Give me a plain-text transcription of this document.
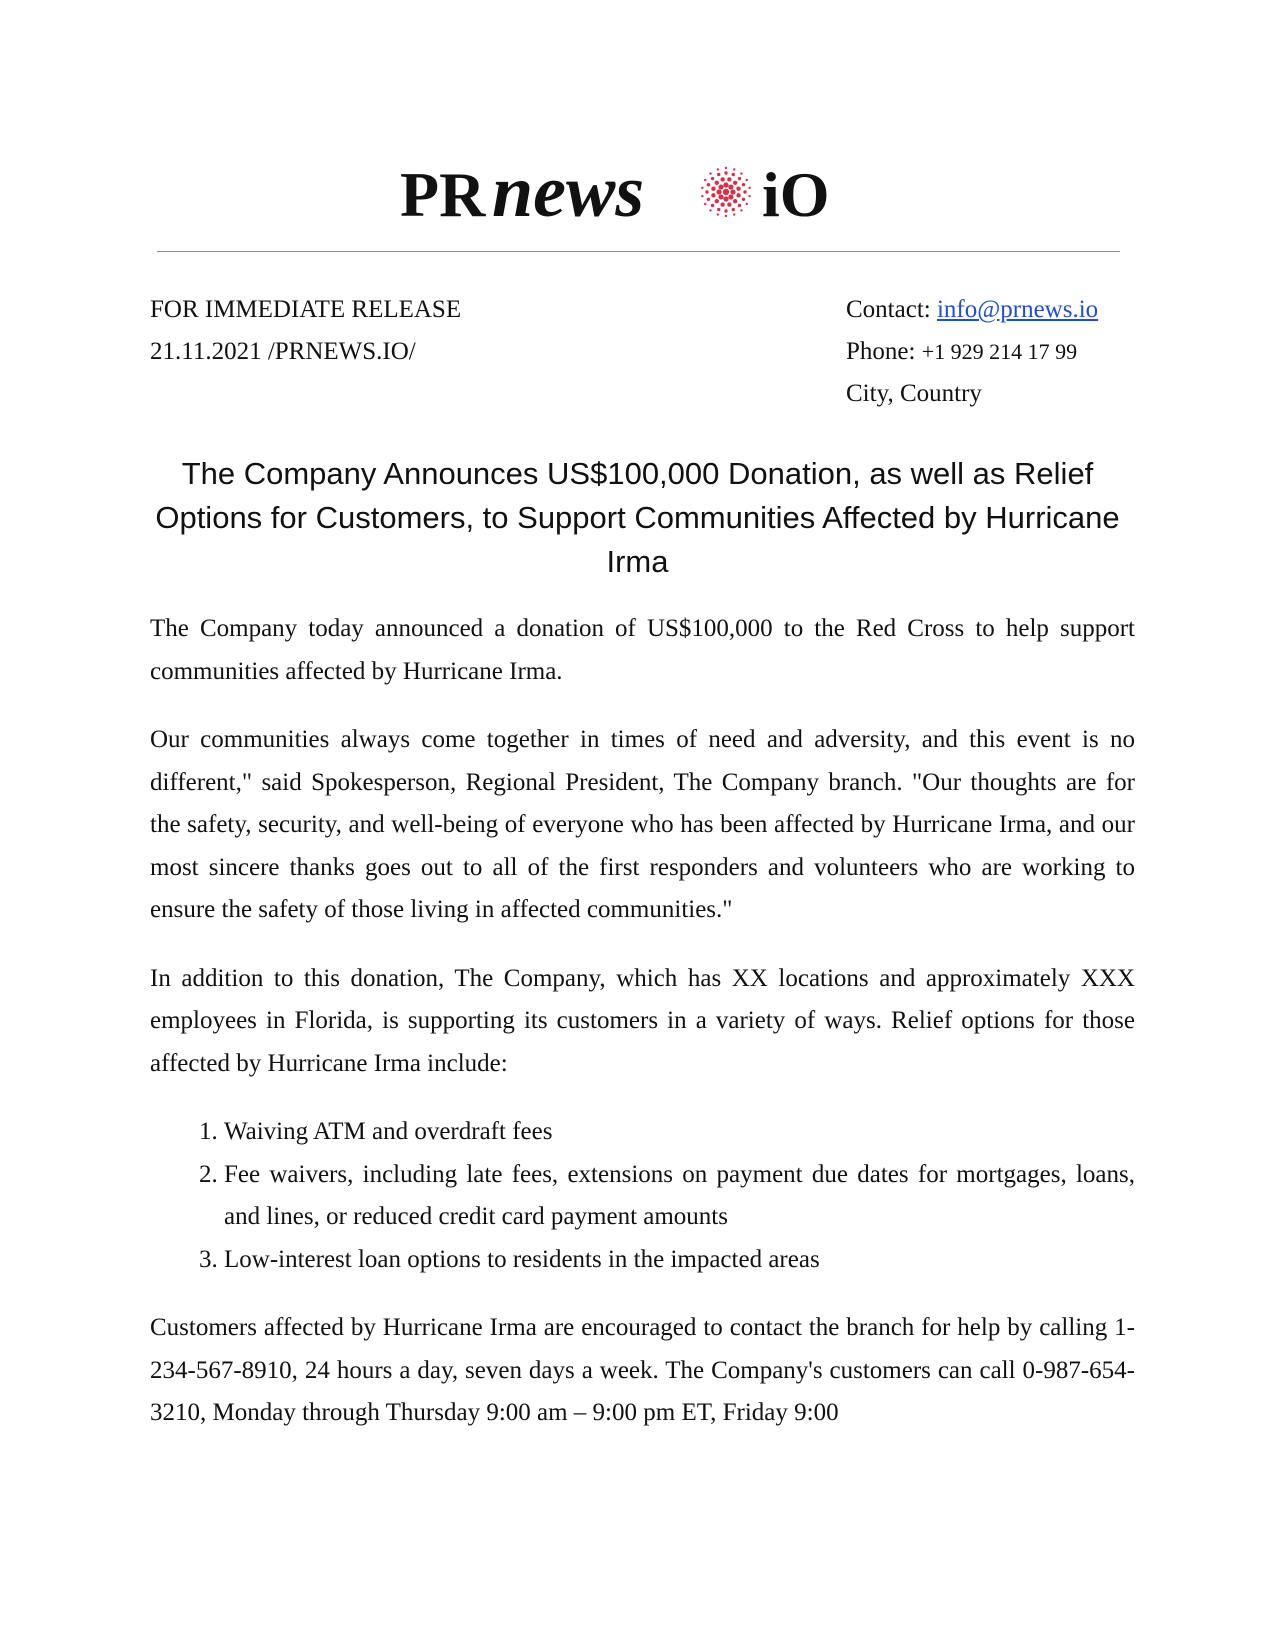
PR news iO
FOR IMMEDIATE RELEASE
21.11.2021 /PRNEWS.IO/
Contact: info@prnews.io
Phone: +1 929 214 17 99
City, Country
The Company Announces US$100,000 Donation, as well as Relief Options for Customers, to Support Communities Affected by Hurricane Irma

The Company today announced a donation of US$100,000 to the Red Cross to help support communities affected by Hurricane Irma.

Our communities always come together in times of need and adversity, and this event is no different," said Spokesperson, Regional President, The Company branch. "Our thoughts are for the safety, security, and well-being of everyone who has been affected by Hurricane Irma, and our most sincere thanks goes out to all of the first responders and volunteers who are working to ensure the safety of those living in affected communities."

In addition to this donation, The Company, which has XX locations and approximately XXX employees in Florida, is supporting its customers in a variety of ways. Relief options for those affected by Hurricane Irma include:

1. Waiving ATM and overdraft fees
2. Fee waivers, including late fees, extensions on payment due dates for mortgages, loans, and lines, or reduced credit card payment amounts
3. Low-interest loan options to residents in the impacted areas

Customers affected by Hurricane Irma are encouraged to contact the branch for help by calling 1-234-567-8910, 24 hours a day, seven days a week. The Company's customers can call 0-987-654-3210, Monday through Thursday 9:00 am – 9:00 pm ET, Friday 9:00
